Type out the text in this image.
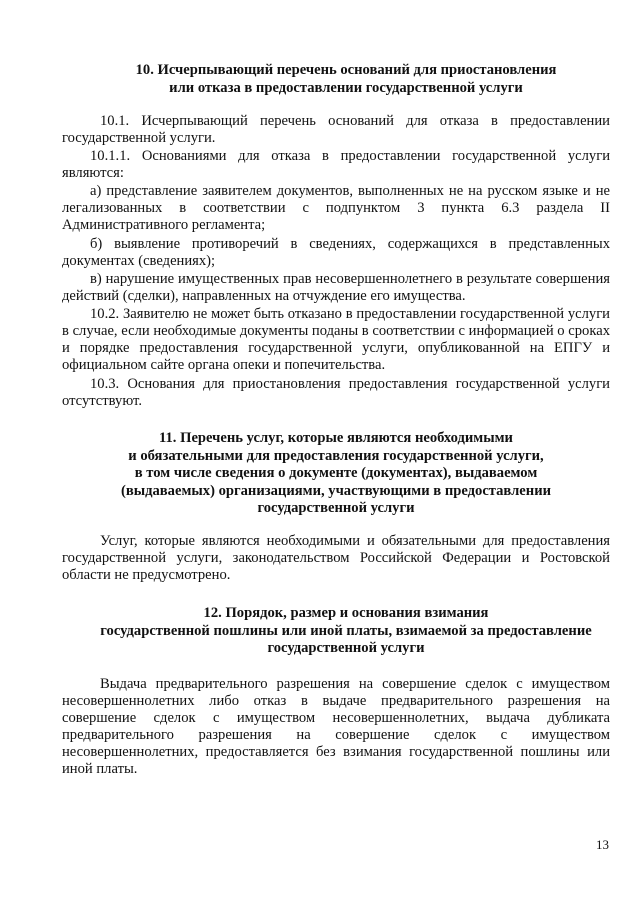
10. Исчерпывающий перечень оснований для приостановления
или отказа в предоставлении государственной услуги

10.1. Исчерпывающий перечень оснований для отказа в предоставлении государственной услуги.

10.1.1. Основаниями для отказа в предоставлении государственной услуги являются:

а) представление заявителем документов, выполненных не на русском языке и не легализованных в соответствии с подпунктом 3 пункта 6.3 раздела II Административного регламента;

б) выявление противоречий в сведениях, содержащихся в представленных документах (сведениях);

в) нарушение имущественных прав несовершеннолетнего в результате совершения действий (сделки), направленных на отчуждение его имущества.

10.2. Заявителю не может быть отказано в предоставлении государственной услуги в случае, если необходимые документы поданы в соответствии с информацией о сроках и порядке предоставления государственной услуги, опубликованной на ЕПГУ и официальном сайте органа опеки и попечительства.

10.3. Основания для приостановления предоставления государственной услуги отсутствуют.

11. Перечень услуг, которые являются необходимыми
и обязательными для предоставления государственной услуги,
в том числе сведения о документе (документах), выдаваемом
(выдаваемых) организациями, участвующими в предоставлении
государственной услуги

Услуг, которые являются необходимыми и обязательными для предоставления государственной услуги, законодательством Российской Федерации и Ростовской области не предусмотрено.

12. Порядок, размер и основания взимания
государственной пошлины или иной платы, взимаемой за предоставление
государственной услуги

Выдача предварительного разрешения на совершение сделок с имуществом несовершеннолетних либо отказ в выдаче предварительного разрешения на совершение сделок с имуществом несовершеннолетних, выдача дубликата предварительного разрешения на совершение сделок с имуществом несовершеннолетних, предоставляется без взимания государственной пошлины или иной платы.

13
